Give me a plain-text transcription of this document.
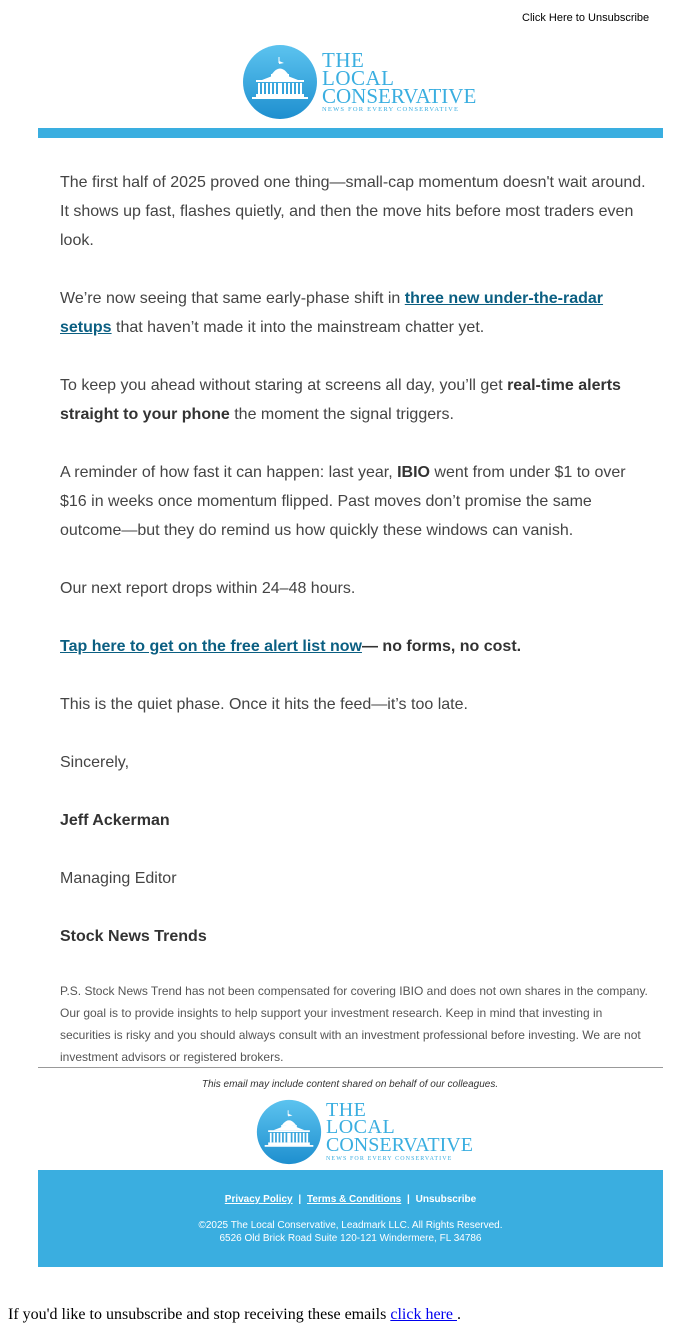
Click Here to Unsubscribe
THE
LOCAL
CONSERVATIVE
NEWS FOR EVERY CONSERVATIVE

The first half of 2025 proved one thing—small-cap momentum doesn't wait around. It shows up fast, flashes quietly, and then the move hits before most traders even look.

We’re now seeing that same early-phase shift in three new under-the-radar setups that haven’t made it into the mainstream chatter yet.

To keep you ahead without staring at screens all day, you’ll get real-time alerts straight to your phone the moment the signal triggers.

A reminder of how fast it can happen: last year, IBIO went from under $1 to over $16 in weeks once momentum flipped. Past moves don’t promise the same outcome—but they do remind us how quickly these windows can vanish.

Our next report drops within 24–48 hours.

Tap here to get on the free alert list now— no forms, no cost.

This is the quiet phase. Once it hits the feed—it’s too late.

Sincerely,

Jeff Ackerman

Managing Editor

Stock News Trends

P.S. Stock News Trend has not been compensated for covering IBIO and does not own shares in the company. Our goal is to provide insights to help support your investment research. Keep in mind that investing in securities is risky and you should always consult with an investment professional before investing. We are not investment advisors or registered brokers.

This email may include content shared on behalf of our colleagues.
THE
LOCAL
CONSERVATIVE
NEWS FOR EVERY CONSERVATIVE
Privacy Policy | Terms & Conditions | Unsubscribe
©2025 The Local Conservative, Leadmark LLC. All Rights Reserved.
6526 Old Brick Road Suite 120-121 Windermere, FL 34786
If you'd like to unsubscribe and stop receiving these emails click here .
